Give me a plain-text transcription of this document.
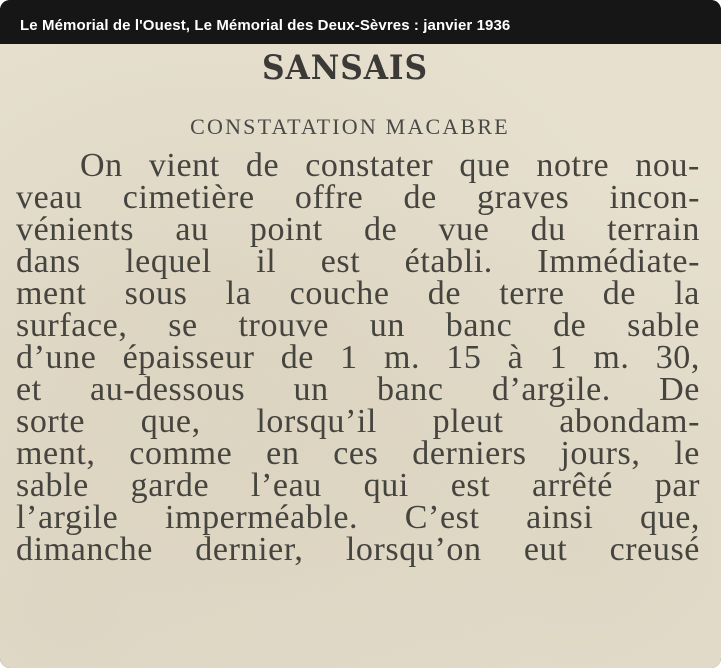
Le Mémorial de l'Ouest, Le Mémorial des Deux-Sèvres : janvier 1936
SANSAIS
CONSTATATION MACABRE
On vient de constater que notre nou-
veau cimetière offre de graves incon-
vénients au point de vue du terrain
dans lequel il est établi. Immédiate-
ment sous la couche de terre de la
surface, se trouve un banc de sable
d’une épaisseur de 1 m. 15 à 1 m. 30,
et au-dessous un banc d’argile. De
sorte que, lorsqu’il pleut abondam-
ment, comme en ces derniers jours, le
sable garde l’eau qui est arrêté par
l’argile imperméable. C’est ainsi que,
dimanche dernier, lorsqu’on eut creusé
